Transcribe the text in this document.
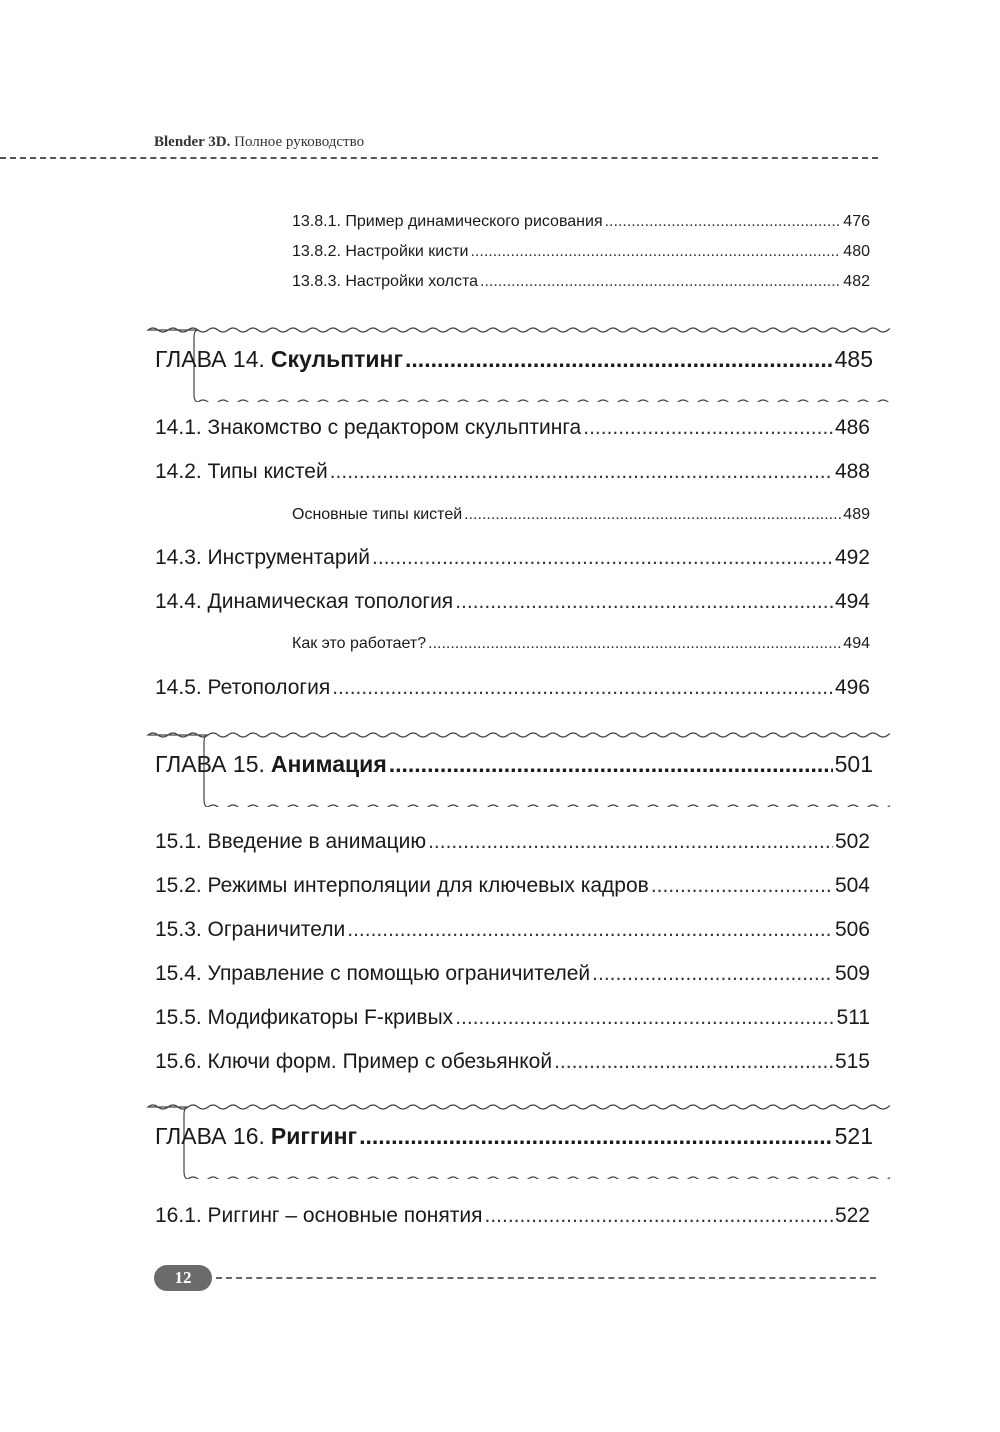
Blender 3D. Полное руководство
13.8.1. Пример динамического рисования .....	476
13.8.2. Настройки кисти .....	480
13.8.3. Настройки холста .....	482
ГЛАВА 14. Скульптинг .....	485
14.1. Знакомство с редактором скульптинга .....	486
14.2. Типы кистей .....	488
Основные типы кистей .....	489
14.3. Инструментарий .....	492
14.4. Динамическая топология .....	494
Как это работает? .....	494
14.5. Ретопология .....	496
ГЛАВА 15. Анимация .....	501
15.1. Введение в анимацию .....	502
15.2. Режимы интерполяции для ключевых кадров .....	504
15.3. Ограничители .....	506
15.4. Управление с помощью ограничителей .....	509
15.5. Модификаторы F-кривых .....	511
15.6. Ключи форм. Пример с обезьянкой .....	515
ГЛАВА 16. Риггинг .....	521
16.1. Риггинг – основные понятия .....	522
12
